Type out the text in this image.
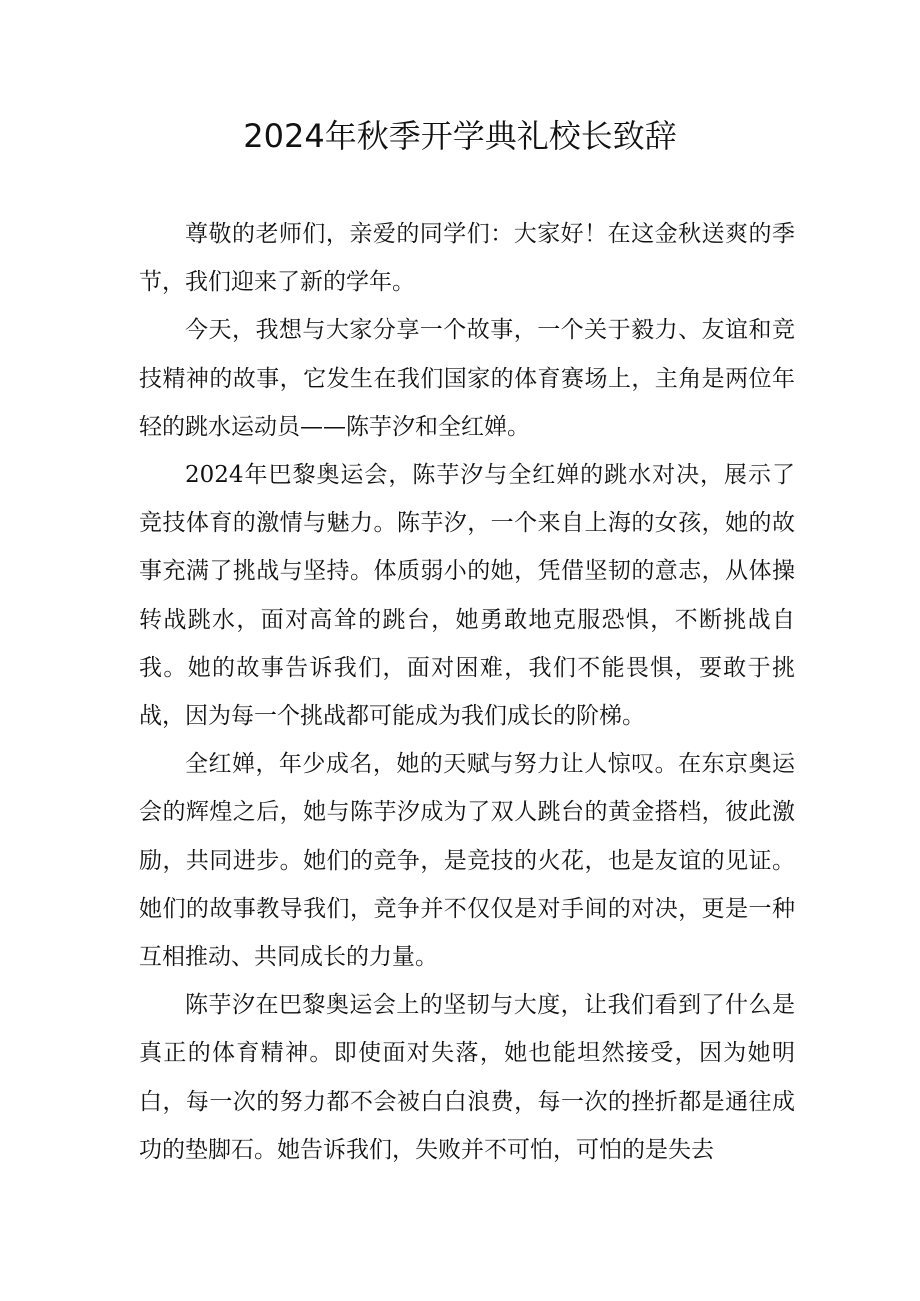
2024年秋季开学典礼校长致辞

尊敬的老师们，亲爱的同学们：大家好！在这金秋送爽的季节，我们迎来了新的学年。

今天，我想与大家分享一个故事，一个关于毅力、友谊和竞技精神的故事，它发生在我们国家的体育赛场上，主角是两位年轻的跳水运动员——陈芋汐和全红婵。

2024年巴黎奥运会，陈芋汐与全红婵的跳水对决，展示了竞技体育的激情与魅力。陈芋汐，一个来自上海的女孩，她的故事充满了挑战与坚持。体质弱小的她，凭借坚韧的意志，从体操转战跳水，面对高耸的跳台，她勇敢地克服恐惧，不断挑战自我。她的故事告诉我们，面对困难，我们不能畏惧，要敢于挑战，因为每一个挑战都可能成为我们成长的阶梯。

全红婵，年少成名，她的天赋与努力让人惊叹。在东京奥运会的辉煌之后，她与陈芋汐成为了双人跳台的黄金搭档，彼此激励，共同进步。她们的竞争，是竞技的火花，也是友谊的见证。她们的故事教导我们，竞争并不仅仅是对手间的对决，更是一种互相推动、共同成长的力量。

陈芋汐在巴黎奥运会上的坚韧与大度，让我们看到了什么是真正的体育精神。即使面对失落，她也能坦然接受，因为她明白，每一次的努力都不会被白白浪费，每一次的挫折都是通往成功的垫脚石。她告诉我们，失败并不可怕，可怕的是失去
